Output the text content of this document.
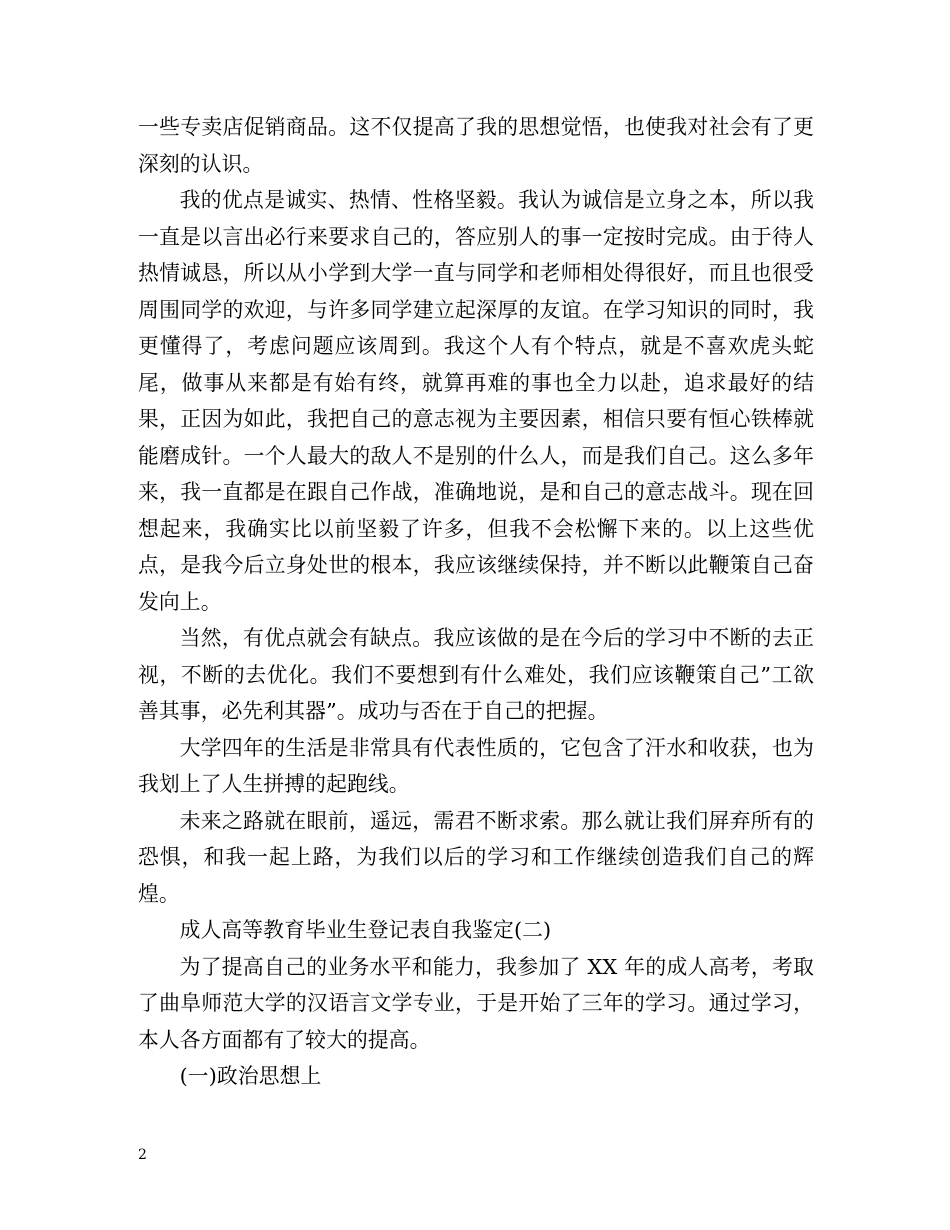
一些专卖店促销商品。这不仅提高了我的思想觉悟，也使我对社会有了更深刻的认识。

我的优点是诚实、热情、性格坚毅。我认为诚信是立身之本，所以我一直是以言出必行来要求自己的，答应别人的事一定按时完成。由于待人热情诚恳，所以从小学到大学一直与同学和老师相处得很好，而且也很受周围同学的欢迎，与许多同学建立起深厚的友谊。在学习知识的同时，我更懂得了，考虑问题应该周到。我这个人有个特点，就是不喜欢虎头蛇尾，做事从来都是有始有终，就算再难的事也全力以赴，追求最好的结果，正因为如此，我把自己的意志视为主要因素，相信只要有恒心铁棒就能磨成针。一个人最大的敌人不是别的什么人，而是我们自己。这么多年来，我一直都是在跟自己作战，准确地说，是和自己的意志战斗。现在回想起来，我确实比以前坚毅了许多，但我不会松懈下来的。以上这些优点，是我今后立身处世的根本，我应该继续保持，并不断以此鞭策自己奋发向上。

当然，有优点就会有缺点。我应该做的是在今后的学习中不断的去正视，不断的去优化。我们不要想到有什么难处，我们应该鞭策自己”工欲善其事，必先利其器”。成功与否在于自己的把握。

大学四年的生活是非常具有代表性质的，它包含了汗水和收获，也为我划上了人生拼搏的起跑线。

未来之路就在眼前，遥远，需君不断求索。那么就让我们屏弃所有的恐惧，和我一起上路，为我们以后的学习和工作继续创造我们自己的辉煌。

成人高等教育毕业生登记表自我鉴定(二)

为了提高自己的业务水平和能力，我参加了 XX 年的成人高考，考取了曲阜师范大学的汉语言文学专业，于是开始了三年的学习。通过学习，本人各方面都有了较大的提高。

(一)政治思想上

2
